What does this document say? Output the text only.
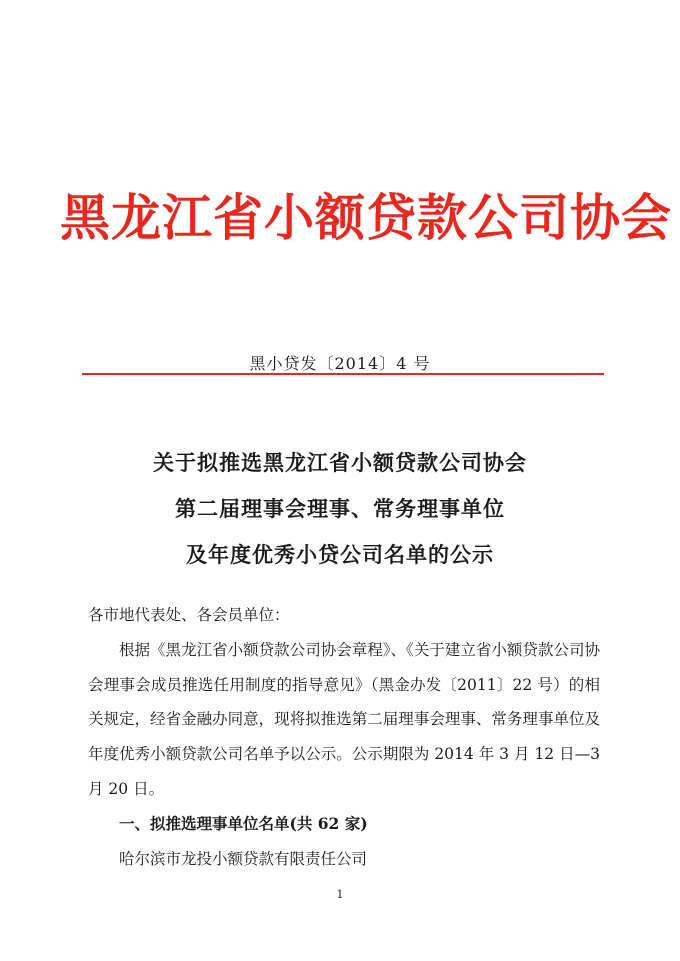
黑龙江省小额贷款公司协会
黑小贷发〔2014〕4 号
关于拟推选黑龙江省小额贷款公司协会
第二届理事会理事、常务理事单位
及年度优秀小贷公司名单的公示
各市地代表处、各会员单位：
根据《黑龙江省小额贷款公司协会章程》、《关于建立省小额贷款公司协会理事会成员推选任用制度的指导意见》（黑金办发〔2011〕22 号）的相关规定，经省金融办同意，现将拟推选第二届理事会理事、常务理事单位及年度优秀小额贷款公司名单予以公示。公示期限为 2014 年 3 月 12 日—3 月 20 日。
一、拟推选理事单位名单(共 62 家)
哈尔滨市龙投小额贷款有限责任公司
1
